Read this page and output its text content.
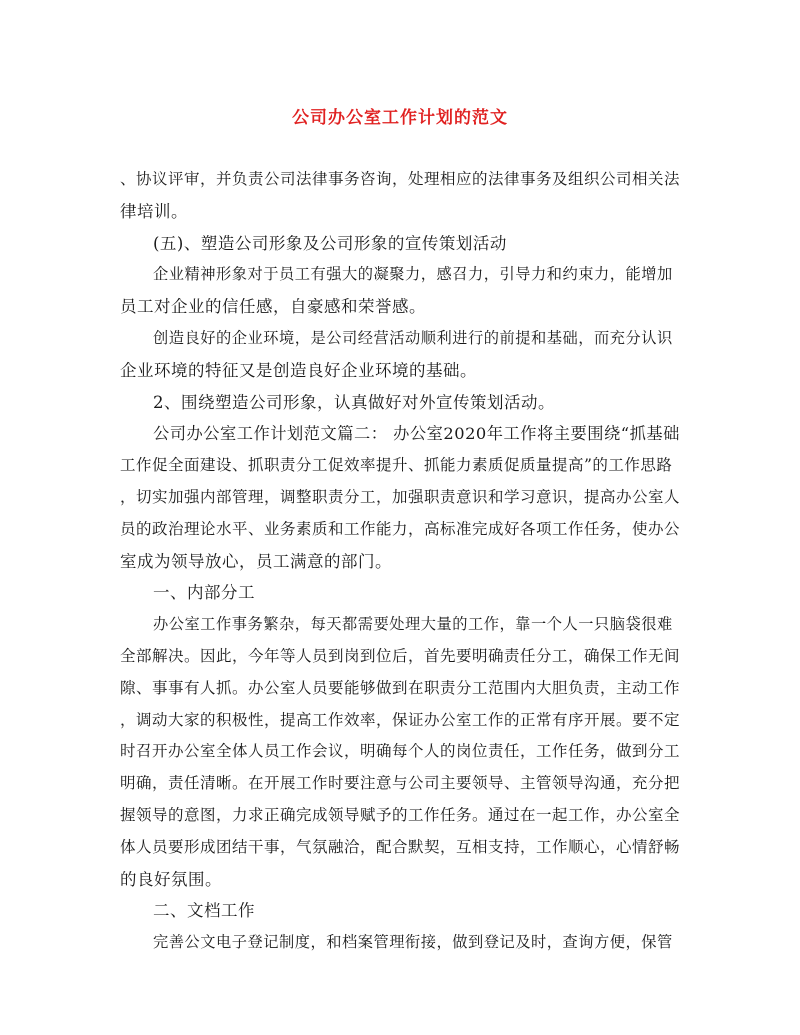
公司办公室工作计划的范文
、协议评审，并负责公司法律事务咨询，处理相应的法律事务及组织公司相关法
律培训。
(五)、塑造公司形象及公司形象的宣传策划活动
企业精神形象对于员工有强大的凝聚力，感召力，引导力和约束力，能增加
员工对企业的信任感，自豪感和荣誉感。
创造良好的企业环境，是公司经营活动顺利进行的前提和基础，而充分认识
企业环境的特征又是创造良好企业环境的基础。
2、围绕塑造公司形象，认真做好对外宣传策划活动。
公司办公室工作计划范文篇二： 办公室2020年工作将主要围绕“抓基础
工作促全面建设、抓职责分工促效率提升、抓能力素质促质量提高”的工作思路
，切实加强内部管理，调整职责分工，加强职责意识和学习意识，提高办公室人
员的政治理论水平、业务素质和工作能力，高标准完成好各项工作任务，使办公
室成为领导放心，员工满意的部门。
一、内部分工
办公室工作事务繁杂，每天都需要处理大量的工作，靠一个人一只脑袋很难
全部解决。因此，今年等人员到岗到位后，首先要明确责任分工，确保工作无间
隙、事事有人抓。办公室人员要能够做到在职责分工范围内大胆负责，主动工作
，调动大家的积极性，提高工作效率，保证办公室工作的正常有序开展。要不定
时召开办公室全体人员工作会议，明确每个人的岗位责任，工作任务，做到分工
明确，责任清晰。在开展工作时要注意与公司主要领导、主管领导沟通，充分把
握领导的意图，力求正确完成领导赋予的工作任务。通过在一起工作，办公室全
体人员要形成团结干事，气氛融洽，配合默契，互相支持，工作顺心，心情舒畅
的良好氛围。
二、文档工作
完善公文电子登记制度，和档案管理衔接，做到登记及时，查询方便，保管
